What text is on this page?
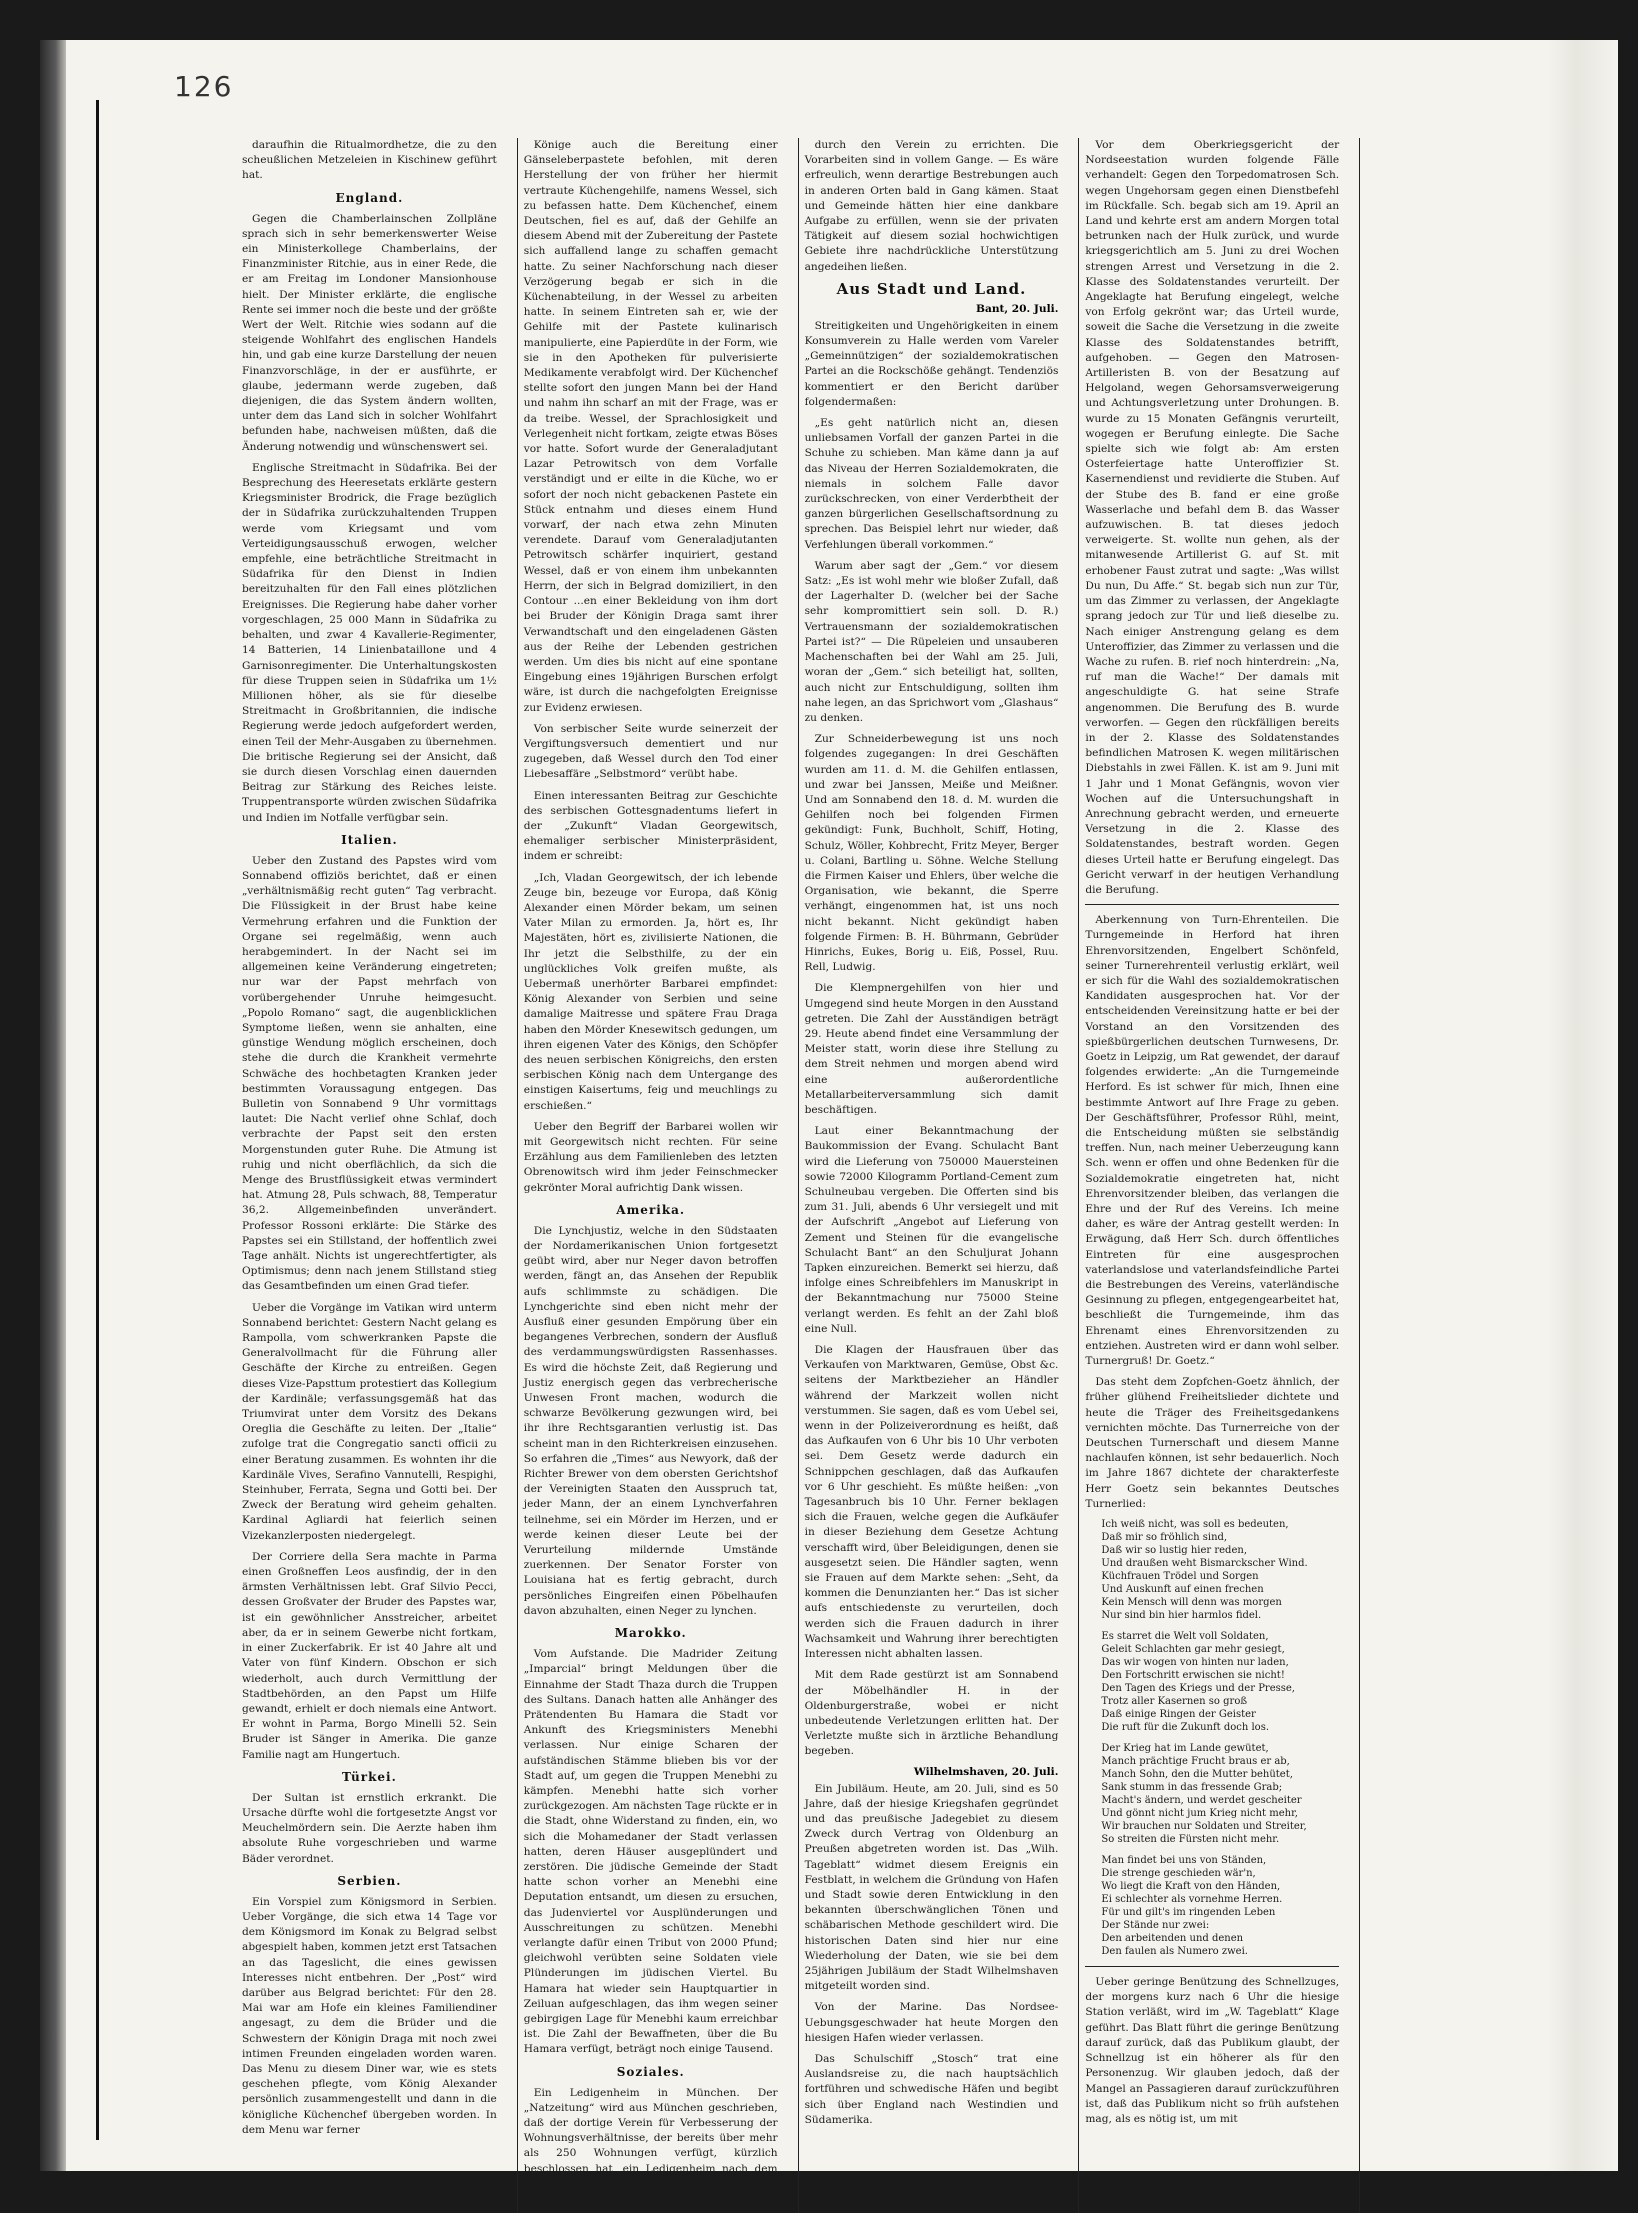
126

daraufhin die Ritualmordhetze, die zu den scheußlichen Metzeleien in Kischinew geführt hat.

England.

Gegen die Chamberlainschen Zollpläne sprach sich in sehr bemerkenswerter Weise ein Ministerkollege Chamberlains, der Finanzminister Ritchie, aus in einer Rede, die er am Freitag im Londoner Mansionhouse hielt. Der Minister erklärte, die englische Rente sei immer noch die beste und der größte Wert der Welt. Ritchie wies sodann auf die steigende Wohlfahrt des englischen Handels hin, und gab eine kurze Darstellung der neuen Finanzvorschläge, in der er ausführte, er glaube, jedermann werde zugeben, daß diejenigen, die das System ändern wollten, unter dem das Land sich in solcher Wohlfahrt befunden habe, nachweisen müßten, daß die Änderung notwendig und wünschenswert sei.

Englische Streitmacht in Südafrika. Bei der Besprechung des Heeresetats erklärte gestern Kriegsminister Brodrick, die Frage bezüglich der in Südafrika zurückzuhaltenden Truppen werde vom Kriegsamt und vom Verteidigungsausschuß erwogen, welcher empfehle, eine beträchtliche Streitmacht in Südafrika für den Dienst in Indien bereitzuhalten für den Fall eines plötzlichen Ereignisses. Die Regierung habe daher vorher vorgeschlagen, 25 000 Mann in Südafrika zu behalten, und zwar 4 Kavallerie-Regimenter, 14 Batterien, 14 Linienbataillone und 4 Garnisonregimenter. Die Unterhaltungskosten für diese Truppen seien in Südafrika um 1½ Millionen höher, als sie für dieselbe Streitmacht in Großbritannien, die indische Regierung werde jedoch aufgefordert werden, einen Teil der Mehr-Ausgaben zu übernehmen. Die britische Regierung sei der Ansicht, daß sie durch diesen Vorschlag einen dauernden Beitrag zur Stärkung des Reiches leiste. Truppentransporte würden zwischen Südafrika und Indien im Notfalle verfügbar sein.

Italien.

Ueber den Zustand des Papstes wird vom Sonnabend offiziös berichtet, daß er einen „verhältnismäßig recht guten“ Tag verbracht. Die Flüssigkeit in der Brust habe keine Vermehrung erfahren und die Funktion der Organe sei regelmäßig, wenn auch herabgemindert. In der Nacht sei im allgemeinen keine Veränderung eingetreten; nur war der Papst mehrfach von vorübergehender Unruhe heimgesucht. „Popolo Romano“ sagt, die augenblicklichen Symptome ließen, wenn sie anhalten, eine günstige Wendung möglich erscheinen, doch stehe die durch die Krankheit vermehrte Schwäche des hochbetagten Kranken jeder bestimmten Voraussagung entgegen. Das Bulletin von Sonnabend 9 Uhr vormittags lautet: Die Nacht verlief ohne Schlaf, doch verbrachte der Papst seit den ersten Morgenstunden guter Ruhe. Die Atmung ist ruhig und nicht oberflächlich, da sich die Menge des Brustflüssigkeit etwas vermindert hat. Atmung 28, Puls schwach, 88, Temperatur 36,2. Allgemeinbefinden unverändert. Professor Rossoni erklärte: Die Stärke des Papstes sei ein Stillstand, der hoffentlich zwei Tage anhält. Nichts ist ungerechtfertigter, als Optimismus; denn nach jenem Stillstand stieg das Gesamtbefinden um einen Grad tiefer.

Ueber die Vorgänge im Vatikan wird unterm Sonnabend berichtet: Gestern Nacht gelang es Rampolla, vom schwerkranken Papste die Generalvollmacht für die Führung aller Geschäfte der Kirche zu entreißen. Gegen dieses Vize-Papsttum protestiert das Kollegium der Kardinäle; verfassungsgemäß hat das Triumvirat unter dem Vorsitz des Dekans Oreglia die Geschäfte zu leiten. Der „Italie“ zufolge trat die Congregatio sancti officii zu einer Beratung zusammen. Es wohnten ihr die Kardinäle Vives, Serafino Vannutelli, Respighi, Steinhuber, Ferrata, Segna und Gotti bei. Der Zweck der Beratung wird geheim gehalten. Kardinal Agliardi hat feierlich seinen Vizekanzlerposten niedergelegt.

Der Corriere della Sera machte in Parma einen Großneffen Leos ausfindig, der in den ärmsten Verhältnissen lebt. Graf Silvio Pecci, dessen Großvater der Bruder des Papstes war, ist ein gewöhnlicher Ansstreicher, arbeitet aber, da er in seinem Gewerbe nicht fortkam, in einer Zuckerfabrik. Er ist 40 Jahre alt und Vater von fünf Kindern. Obschon er sich wiederholt, auch durch Vermittlung der Stadtbehörden, an den Papst um Hilfe gewandt, erhielt er doch niemals eine Antwort. Er wohnt in Parma, Borgo Minelli 52. Sein Bruder ist Sänger in Amerika. Die ganze Familie nagt am Hungertuch.

Türkei.

Der Sultan ist ernstlich erkrankt. Die Ursache dürfte wohl die fortgesetzte Angst vor Meuchelmördern sein. Die Aerzte haben ihm absolute Ruhe vorgeschrieben und warme Bäder verordnet.

Serbien.

Ein Vorspiel zum Königsmord in Serbien. Ueber Vorgänge, die sich etwa 14 Tage vor dem Königsmord im Konak zu Belgrad selbst abgespielt haben, kommen jetzt erst Tatsachen an das Tageslicht, die eines gewissen Interesses nicht entbehren. Der „Post“ wird darüber aus Belgrad berichtet: Für den 28. Mai war am Hofe ein kleines Familiendiner angesagt, zu dem die Brüder und die Schwestern der Königin Draga mit noch zwei intimen Freunden eingeladen worden waren. Das Menu zu diesem Diner war, wie es stets geschehen pflegte, vom König Alexander persönlich zusammengestellt und dann in die königliche Küchenchef übergeben worden. In dem Menu war ferner

Könige auch die Bereitung einer Gänseleberpastete befohlen, mit deren Herstellung der von früher her hiermit vertraute Küchengehilfe, namens Wessel, sich zu befassen hatte. Dem Küchenchef, einem Deutschen, fiel es auf, daß der Gehilfe an diesem Abend mit der Zubereitung der Pastete sich auffallend lange zu schaffen gemacht hatte. Zu seiner Nachforschung nach dieser Verzögerung begab er sich in die Küchenabteilung, in der Wessel zu arbeiten hatte. In seinem Eintreten sah er, wie der Gehilfe mit der Pastete kulinarisch manipulierte, eine Papierdüte in der Form, wie sie in den Apotheken für pulverisierte Medikamente verabfolgt wird. Der Küchenchef stellte sofort den jungen Mann bei der Hand und nahm ihn scharf an mit der Frage, was er da treibe. Wessel, der Sprachlosigkeit und Verlegenheit nicht fortkam, zeigte etwas Böses vor hatte. Sofort wurde der Generaladjutant Lazar Petrowitsch von dem Vorfalle verständigt und er eilte in die Küche, wo er sofort der noch nicht gebackenen Pastete ein Stück entnahm und dieses einem Hund vorwarf, der nach etwa zehn Minuten verendete. Darauf vom Generaladjutanten Petrowitsch schärfer inquiriert, gestand Wessel, daß er von einem ihm unbekannten Herrn, der sich in Belgrad domiziliert, in den Contour ...en einer Bekleidung von ihm dort bei Bruder der Königin Draga samt ihrer Verwandtschaft und den eingeladenen Gästen aus der Reihe der Lebenden gestrichen werden. Um dies bis nicht auf eine spontane Eingebung eines 19jährigen Burschen erfolgt wäre, ist durch die nachgefolgten Ereignisse zur Evidenz erwiesen.

Von serbischer Seite wurde seinerzeit der Vergiftungsversuch dementiert und nur zugegeben, daß Wessel durch den Tod einer Liebesaffäre „Selbstmord“ verübt habe.

Einen interessanten Beitrag zur Geschichte des serbischen Gottesgnadentums liefert in der „Zukunft“ Vladan Georgewitsch, ehemaliger serbischer Ministerpräsident, indem er schreibt:

„Ich, Vladan Georgewitsch, der ich lebende Zeuge bin, bezeuge vor Europa, daß König Alexander einen Mörder bekam, um seinen Vater Milan zu ermorden. Ja, hört es, Ihr Majestäten, hört es, zivilisierte Nationen, die Ihr jetzt die Selbsthilfe, zu der ein unglückliches Volk greifen mußte, als Uebermaß unerhörter Barbarei empfindet: König Alexander von Serbien und seine damalige Maitresse und spätere Frau Draga haben den Mörder Knesewitsch gedungen, um ihren eigenen Vater des Königs, den Schöpfer des neuen serbischen Königreichs, den ersten serbischen König nach dem Untergange des einstigen Kaisertums, feig und meuchlings zu erschießen.“

Ueber den Begriff der Barbarei wollen wir mit Georgewitsch nicht rechten. Für seine Erzählung aus dem Familienleben des letzten Obrenowitsch wird ihm jeder Feinschmecker gekrönter Moral aufrichtig Dank wissen.

Amerika.

Die Lynchjustiz, welche in den Südstaaten der Nordamerikanischen Union fortgesetzt geübt wird, aber nur Neger davon betroffen werden, fängt an, das Ansehen der Republik aufs schlimmste zu schädigen. Die Lynchgerichte sind eben nicht mehr der Ausfluß einer gesunden Empörung über ein begangenes Verbrechen, sondern der Ausfluß des verdammungswürdigsten Rassenhasses. Es wird die höchste Zeit, daß Regierung und Justiz energisch gegen das verbrecherische Unwesen Front machen, wodurch die schwarze Bevölkerung gezwungen wird, bei ihr ihre Rechtsgarantien verlustig ist. Das scheint man in den Richterkreisen einzusehen. So erfahren die „Times“ aus Newyork, daß der Richter Brewer von dem obersten Gerichtshof der Vereinigten Staaten den Ausspruch tat, jeder Mann, der an einem Lynchverfahren teilnehme, sei ein Mörder im Herzen, und er werde keinen dieser Leute bei der Verurteilung mildernde Umstände zuerkennen. Der Senator Forster von Louisiana hat es fertig gebracht, durch persönliches Eingreifen einen Pöbelhaufen davon abzuhalten, einen Neger zu lynchen.

Marokko.

Vom Aufstande. Die Madrider Zeitung „Imparcial“ bringt Meldungen über die Einnahme der Stadt Thaza durch die Truppen des Sultans. Danach hatten alle Anhänger des Prätendenten Bu Hamara die Stadt vor Ankunft des Kriegsministers Menebhi verlassen. Nur einige Scharen der aufständischen Stämme blieben bis vor der Stadt auf, um gegen die Truppen Menebhi zu kämpfen. Menebhi hatte sich vorher zurückgezogen. Am nächsten Tage rückte er in die Stadt, ohne Widerstand zu finden, ein, wo sich die Mohamedaner der Stadt verlassen hatten, deren Häuser ausgeplündert und zerstören. Die jüdische Gemeinde der Stadt hatte schon vorher an Menebhi eine Deputation entsandt, um diesen zu ersuchen, das Judenviertel vor Ausplünderungen und Ausschreitungen zu schützen. Menebhi verlangte dafür einen Tribut von 2000 Pfund; gleichwohl verübten seine Soldaten viele Plünderungen im jüdischen Viertel. Bu Hamara hat wieder sein Hauptquartier in Zeiluan aufgeschlagen, das ihm wegen seiner gebirgigen Lage für Menebhi kaum erreichbar ist. Die Zahl der Bewaffneten, über die Bu Hamara verfügt, beträgt noch einige Tausend.

Soziales.

Ein Ledigenheim in München. Der „Natzeitung“ wird aus München geschrieben, daß der dortige Verein für Verbesserung der Wohnungsverhältnisse, der bereits über mehr als 250 Wohnungen verfügt, kürzlich beschlossen hat, ein Ledigenheim nach dem Muster des Mailänder Albergo popolare und zwar unter Verwaltung

durch den Verein zu errichten. Die Vorarbeiten sind in vollem Gange. — Es wäre erfreulich, wenn derartige Bestrebungen auch in anderen Orten bald in Gang kämen. Staat und Gemeinde hätten hier eine dankbare Aufgabe zu erfüllen, wenn sie der privaten Tätigkeit auf diesem sozial hochwichtigen Gebiete ihre nachdrückliche Unterstützung angedeihen ließen.

Aus Stadt und Land.
Bant, 20. Juli.

Streitigkeiten und Ungehörigkeiten in einem Konsumverein zu Halle werden vom Vareler „Gemeinnützigen“ der sozialdemokratischen Partei an die Rockschöße gehängt. Tendenziös kommentiert er den Bericht darüber folgendermaßen:

„Es geht natürlich nicht an, diesen unliebsamen Vorfall der ganzen Partei in die Schuhe zu schieben. Man käme dann ja auf das Niveau der Herren Sozialdemokraten, die niemals in solchem Falle davor zurückschrecken, von einer Verderbtheit der ganzen bürgerlichen Gesellschaftsordnung zu sprechen. Das Beispiel lehrt nur wieder, daß Verfehlungen überall vorkommen.“

Warum aber sagt der „Gem.“ vor diesem Satz: „Es ist wohl mehr wie bloßer Zufall, daß der Lagerhalter D. (welcher bei der Sache sehr kompromittiert sein soll. D. R.) Vertrauensmann der sozialdemokratischen Partei ist?“ — Die Rüpeleien und unsauberen Machenschaften bei der Wahl am 25. Juli, woran der „Gem.“ sich beteiligt hat, sollten, auch nicht zur Entschuldigung, sollten ihm nahe legen, an das Sprichwort vom „Glashaus“ zu denken.

Zur Schneiderbewegung ist uns noch folgendes zugegangen: In drei Geschäften wurden am 11. d. M. die Gehilfen entlassen, und zwar bei Janssen, Meiße und Meißner. Und am Sonnabend den 18. d. M. wurden die Gehilfen noch bei folgenden Firmen gekündigt: Funk, Buchholt, Schiff, Hoting, Schulz, Wöller, Kohbrecht, Fritz Meyer, Berger u. Colani, Bartling u. Söhne. Welche Stellung die Firmen Kaiser und Ehlers, über welche die Organisation, wie bekannt, die Sperre verhängt, eingenommen hat, ist uns noch nicht bekannt. Nicht gekündigt haben folgende Firmen: B. H. Bührmann, Gebrüder Hinrichs, Eukes, Borig u. Eiß, Possel, Ruu. Rell, Ludwig.

Die Klempnergehilfen von hier und Umgegend sind heute Morgen in den Ausstand getreten. Die Zahl der Ausständigen beträgt 29. Heute abend findet eine Versammlung der Meister statt, worin diese ihre Stellung zu dem Streit nehmen und morgen abend wird eine außerordentliche Metallarbeiterversammlung sich damit beschäftigen.

Laut einer Bekanntmachung der Baukommission der Evang. Schulacht Bant wird die Lieferung von 750000 Mauersteinen sowie 72000 Kilogramm Portland-Cement zum Schulneubau vergeben. Die Offerten sind bis zum 31. Juli, abends 6 Uhr versiegelt und mit der Aufschrift „Angebot auf Lieferung von Zement und Steinen für die evangelische Schulacht Bant“ an den Schuljurat Johann Tapken einzureichen. Bemerkt sei hierzu, daß infolge eines Schreibfehlers im Manuskript in der Bekanntmachung nur 75000 Steine verlangt werden. Es fehlt an der Zahl bloß eine Null.

Die Klagen der Hausfrauen über das Verkaufen von Marktwaren, Gemüse, Obst &c. seitens der Marktbezieher an Händler während der Markzeit wollen nicht verstummen. Sie sagen, daß es vom Uebel sei, wenn in der Polizeiverordnung es heißt, daß das Aufkaufen von 6 Uhr bis 10 Uhr verboten sei. Dem Gesetz werde dadurch ein Schnippchen geschlagen, daß das Aufkaufen vor 6 Uhr geschieht. Es müßte heißen: „von Tagesanbruch bis 10 Uhr. Ferner beklagen sich die Frauen, welche gegen die Aufkäufer in dieser Beziehung dem Gesetze Achtung verschafft wird, über Beleidigungen, denen sie ausgesetzt seien. Die Händler sagten, wenn sie Frauen auf dem Markte sehen: „Seht, da kommen die Denunzianten her.“ Das ist sicher aufs entschiedenste zu verurteilen, doch werden sich die Frauen dadurch in ihrer Wachsamkeit und Wahrung ihrer berechtigten Interessen nicht abhalten lassen.

Mit dem Rade gestürzt ist am Sonnabend der Möbelhändler H. in der Oldenburgerstraße, wobei er nicht unbedeutende Verletzungen erlitten hat. Der Verletzte mußte sich in ärztliche Behandlung begeben.

Wilhelmshaven, 20. Juli.

Ein Jubiläum. Heute, am 20. Juli, sind es 50 Jahre, daß der hiesige Kriegshafen gegründet und das preußische Jadegebiet zu diesem Zweck durch Vertrag von Oldenburg an Preußen abgetreten worden ist. Das „Wilh. Tageblatt“ widmet diesem Ereignis ein Festblatt, in welchem die Gründung von Hafen und Stadt sowie deren Entwicklung in den bekannten überschwänglichen Tönen und schäbarischen Methode geschildert wird. Die historischen Daten sind hier nur eine Wiederholung der Daten, wie sie bei dem 25jährigen Jubiläum der Stadt Wilhelmshaven mitgeteilt worden sind.

Von der Marine. Das Nordsee-Uebungsgeschwader hat heute Morgen den hiesigen Hafen wieder verlassen.

Das Schulschiff „Stosch“ trat eine Auslandsreise zu, die nach hauptsächlich fortführen und schwedische Häfen und begibt sich über England nach Westindien und Südamerika.

Vor dem Oberkriegsgericht der Nordseestation wurden folgende Fälle verhandelt: Gegen den Torpedomatrosen Sch. wegen Ungehorsam gegen einen Dienstbefehl im Rückfalle. Sch. begab sich am 19. April an Land und kehrte erst am andern Morgen total betrunken nach der Hulk zurück, und wurde kriegsgerichtlich am 5. Juni zu drei Wochen strengen Arrest und Versetzung in die 2. Klasse des Soldatenstandes verurteilt. Der Angeklagte hat Berufung eingelegt, welche von Erfolg gekrönt war; das Urteil wurde, soweit die Sache die Versetzung in die zweite Klasse des Soldatenstandes betrifft, aufgehoben. — Gegen den Matrosen-Artilleristen B. von der Besatzung auf Helgoland, wegen Gehorsamsverweigerung und Achtungsverletzung unter Drohungen. B. wurde zu 15 Monaten Gefängnis verurteilt, wogegen er Berufung einlegte. Die Sache spielte sich wie folgt ab: Am ersten Osterfeiertage hatte Unteroffizier St. Kasernendienst und revidierte die Stuben. Auf der Stube des B. fand er eine große Wasserlache und befahl dem B. das Wasser aufzuwischen. B. tat dieses jedoch verweigerte. St. wollte nun gehen, als der mitanwesende Artillerist G. auf St. mit erhobener Faust zutrat und sagte: „Was willst Du nun, Du Affe.“ St. begab sich nun zur Tür, um das Zimmer zu verlassen, der Angeklagte sprang jedoch zur Tür und ließ dieselbe zu. Nach einiger Anstrengung gelang es dem Unteroffizier, das Zimmer zu verlassen und die Wache zu rufen. B. rief noch hinterdrein: „Na, ruf man die Wache!“ Der damals mit angeschuldigte G. hat seine Strafe angenommen. Die Berufung des B. wurde verworfen. — Gegen den rückfälligen bereits in der 2. Klasse des Soldatenstandes befindlichen Matrosen K. wegen militärischen Diebstahls in zwei Fällen. K. ist am 9. Juni mit 1 Jahr und 1 Monat Gefängnis, wovon vier Wochen auf die Untersuchungshaft in Anrechnung gebracht werden, und erneuerte Versetzung in die 2. Klasse des Soldatenstandes, bestraft worden. Gegen dieses Urteil hatte er Berufung eingelegt. Das Gericht verwarf in der heutigen Verhandlung die Berufung.

Aberkennung von Turn-Ehrenteilen. Die Turngemeinde in Herford hat ihren Ehrenvorsitzenden, Engelbert Schönfeld, seiner Turnerehrenteil verlustig erklärt, weil er sich für die Wahl des sozialdemokratischen Kandidaten ausgesprochen hat. Vor der entscheidenden Vereinsitzung hatte er bei der Vorstand an den Vorsitzenden des spießbürgerlichen deutschen Turnwesens, Dr. Goetz in Leipzig, um Rat gewendet, der darauf folgendes erwiderte: „An die Turngemeinde Herford. Es ist schwer für mich, Ihnen eine bestimmte Antwort auf Ihre Frage zu geben. Der Geschäftsführer, Professor Rühl, meint, die Entscheidung müßten sie selbständig treffen. Nun, nach meiner Ueberzeugung kann Sch. wenn er offen und ohne Bedenken für die Sozialdemokratie eingetreten hat, nicht Ehrenvorsitzender bleiben, das verlangen die Ehre und der Ruf des Vereins. Ich meine daher, es wäre der Antrag gestellt werden: In Erwägung, daß Herr Sch. durch öffentliches Eintreten für eine ausgesprochen vaterlandslose und vaterlandsfeindliche Partei die Bestrebungen des Vereins, vaterländische Gesinnung zu pflegen, entgegengearbeitet hat, beschließt die Turngemeinde, ihm das Ehrenamt eines Ehrenvorsitzenden zu entziehen. Austreten wird er dann wohl selber. Turnergruß! Dr. Goetz.“

Das steht dem Zopfchen-Goetz ähnlich, der früher glühend Freiheitslieder dichtete und heute die Träger des Freiheitsgedankens vernichten möchte. Das Turnerreiche von der Deutschen Turnerschaft und diesem Manne nachlaufen können, ist sehr bedauerlich. Noch im Jahre 1867 dichtete der charakterfeste Herr Goetz sein bekanntes Deutsches Turnerlied:

Ich weiß nicht, was soll es bedeuten,
Daß mir so fröhlich sind,
Daß wir so lustig hier reden,
Und draußen weht Bismarckscher Wind.
Küchfrauen Trödel und Sorgen
Und Auskunft auf einen frechen
Kein Mensch will denn was morgen
Nur sind bin hier harmlos fidel.
Es starret die Welt voll Soldaten,
Geleit Schlachten gar mehr gesiegt,
Das wir wogen von hinten nur laden,
Den Fortschritt erwischen sie nicht!
Den Tagen des Kriegs und der Presse,
Trotz aller Kasernen so groß
Daß einige Ringen der Geister
Die ruft für die Zukunft doch los.
Der Krieg hat im Lande gewütet,
Manch prächtige Frucht braus er ab,
Manch Sohn, den die Mutter behütet,
Sank stumm in das fressende Grab;
Macht's ändern, und werdet gescheiter
Und gönnt nicht jum Krieg nicht mehr,
Wir brauchen nur Soldaten und Streiter,
So streiten die Fürsten nicht mehr.
Man findet bei uns von Ständen,
Die strenge geschieden wär'n,
Wo liegt die Kraft von den Händen,
Ei schlechter als vornehme Herren.
Für und gilt's im ringenden Leben
Der Stände nur zwei:
Den arbeitenden und denen
Den faulen als Numero zwei.

Ueber geringe Benützung des Schnellzuges, der morgens kurz nach 6 Uhr die hiesige Station verläßt, wird im „W. Tageblatt“ Klage geführt. Das Blatt führt die geringe Benützung darauf zurück, daß das Publikum glaubt, der Schnellzug ist ein höherer als für den Personenzug. Wir glauben jedoch, daß der Mangel an Passagieren darauf zurückzuführen ist, daß das Publikum nicht so früh aufstehen mag, als es nötig ist, um mit
